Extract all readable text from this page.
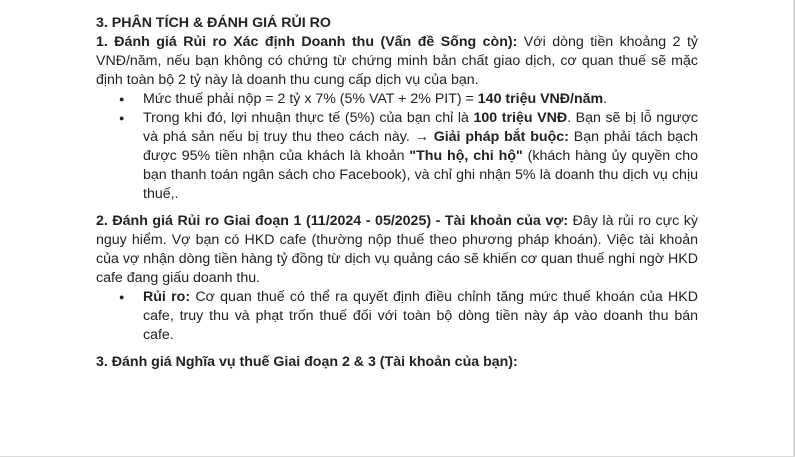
3. PHÂN TÍCH & ĐÁNH GIÁ RỦI RO

1. Đánh giá Rủi ro Xác định Doanh thu (Vấn đề Sống còn): Với dòng tiền khoảng 2 tỷ VNĐ/năm, nếu bạn không có chứng từ chứng minh bản chất giao dịch, cơ quan thuế sẽ mặc định toàn bộ 2 tỷ này là doanh thu cung cấp dịch vụ của bạn.

● Mức thuế phải nộp = 2 tỷ x 7% (5% VAT + 2% PIT) = 140 triệu VNĐ/năm.
● Trong khi đó, lợi nhuận thực tế (5%) của bạn chỉ là 100 triệu VNĐ. Bạn sẽ bị lỗ ngược và phá sản nếu bị truy thu theo cách này. → Giải pháp bắt buộc: Bạn phải tách bạch được 95% tiền nhận của khách là khoản "Thu hộ, chi hộ" (khách hàng ủy quyền cho bạn thanh toán ngân sách cho Facebook), và chỉ ghi nhận 5% là doanh thu dịch vụ chịu thuế,.

2. Đánh giá Rủi ro Giai đoạn 1 (11/2024 - 05/2025) - Tài khoản của vợ: Đây là rủi ro cực kỳ nguy hiểm. Vợ bạn có HKD cafe (thường nộp thuế theo phương pháp khoán). Việc tài khoản của vợ nhận dòng tiền hàng tỷ đồng từ dịch vụ quảng cáo sẽ khiến cơ quan thuế nghi ngờ HKD cafe đang giấu doanh thu.

● Rủi ro: Cơ quan thuế có thể ra quyết định điều chỉnh tăng mức thuế khoán của HKD cafe, truy thu và phạt trốn thuế đối với toàn bộ dòng tiền này áp vào doanh thu bán cafe.

3. Đánh giá Nghĩa vụ thuế Giai đoạn 2 & 3 (Tài khoản của bạn):
